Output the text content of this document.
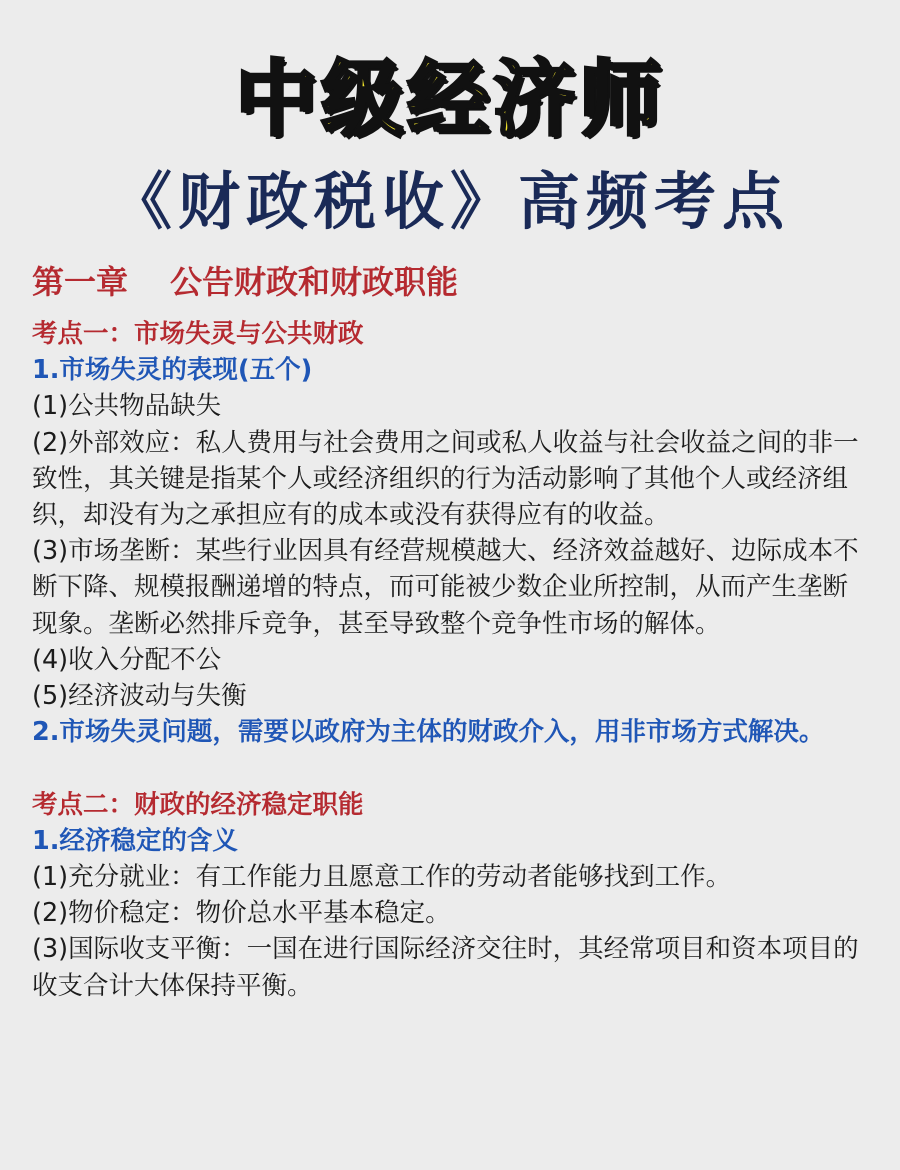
中级经济师
《财政税收》高频考点
第一章 公告财政和财政职能

考点一：市场失灵与公共财政

1.市场失灵的表现(五个)

(1)公共物品缺失

(2)外部效应：私人费用与社会费用之间或私人收益与社会收益之间的非一致性，其关键是指某个人或经济组织的行为活动影响了其他个人或经济组织，却没有为之承担应有的成本或没有获得应有的收益。

(3)市场垄断：某些行业因具有经营规模越大、经济效益越好、边际成本不断下降、规模报酬递增的特点，而可能被少数企业所控制，从而产生垄断现象。垄断必然排斥竞争，甚至导致整个竞争性市场的解体。

(4)收入分配不公

(5)经济波动与失衡

2.市场失灵问题，需要以政府为主体的财政介入，用非市场方式解决。

考点二：财政的经济稳定职能

1.经济稳定的含义

(1)充分就业：有工作能力且愿意工作的劳动者能够找到工作。

(2)物价稳定：物价总水平基本稳定。

(3)国际收支平衡：一国在进行国际经济交往时，其经常项目和资本项目的收支合计大体保持平衡。
